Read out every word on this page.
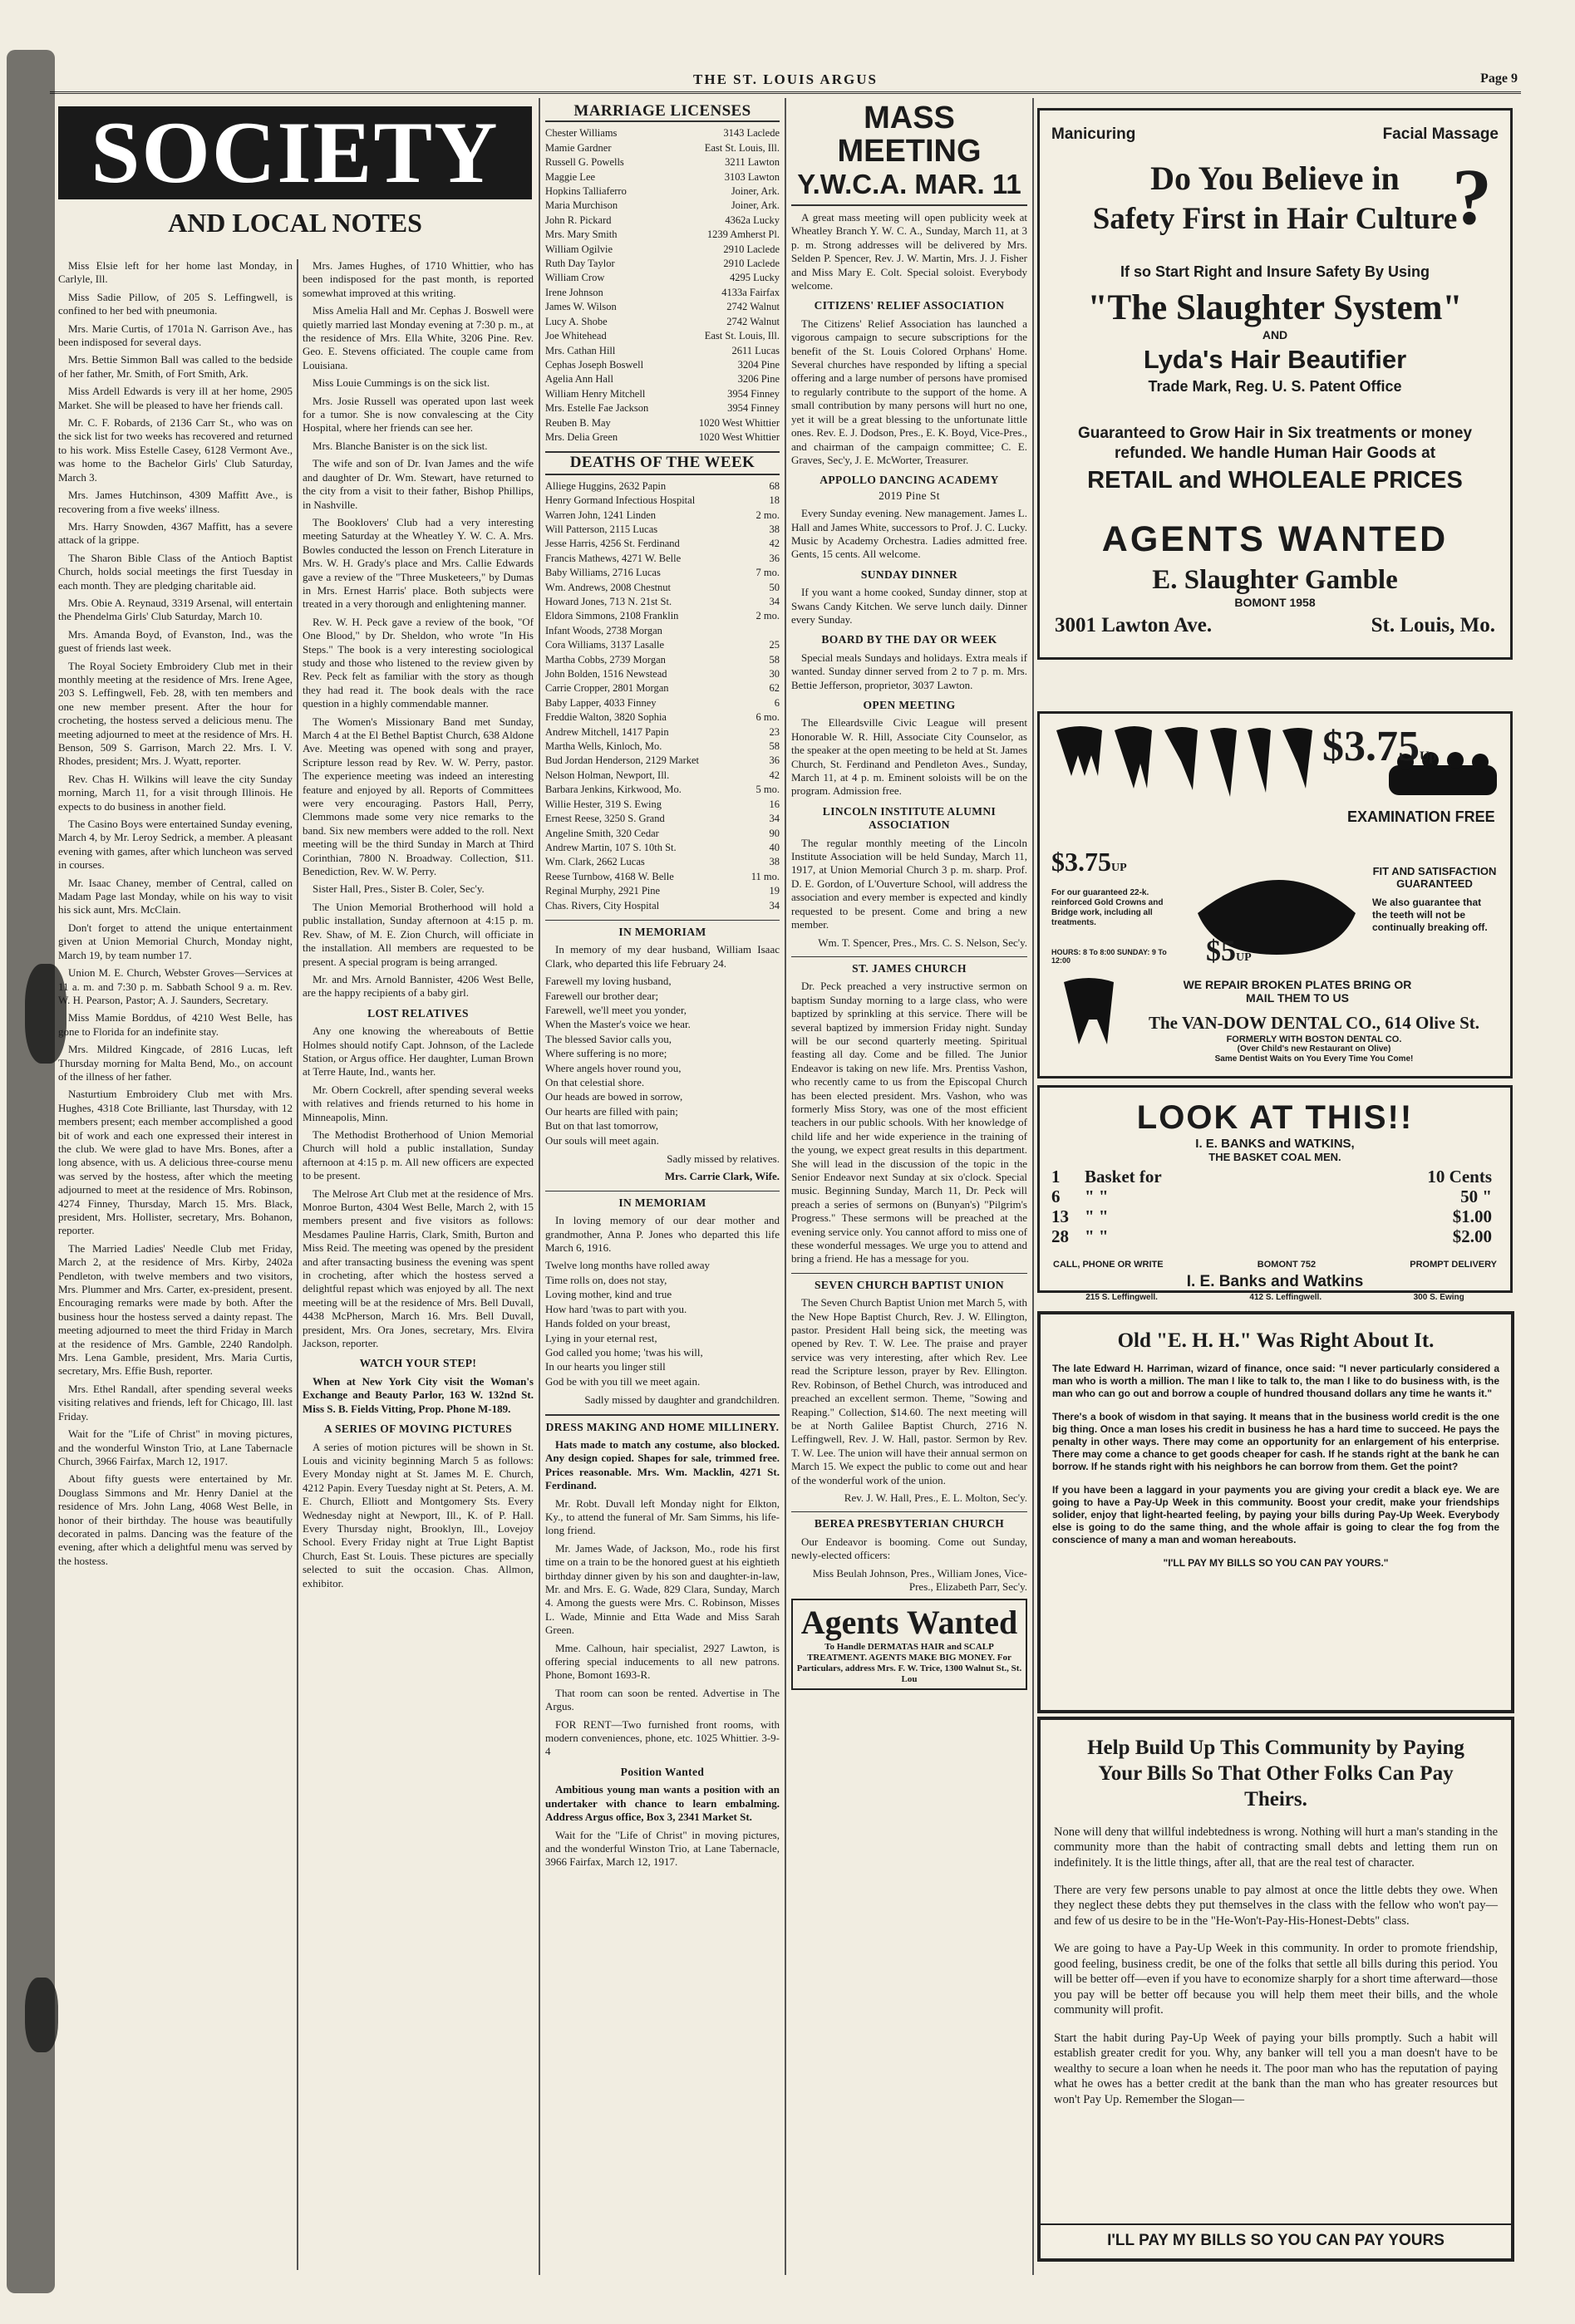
THE ST. LOUIS ARGUS	Page 9
SOCIETY
AND LOCAL NOTES

Miss Elsie left for her home last Monday, in Carlyle, Ill.

Miss Sadie Pillow, of 205 S. Leffingwell, is confined to her bed with pneumonia.

Mrs. Marie Curtis, of 1701a N. Garrison Ave., has been indisposed for several days.

Mrs. Bettie Simmon Ball was called to the bedside of her father, Mr. Smith, of Fort Smith, Ark.

Miss Ardell Edwards is very ill at her home, 2905 Market. She will be pleased to have her friends call.

Mr. C. F. Robards, of 2136 Carr St., who was on the sick list for two weeks has recovered and returned to his work. Miss Estelle Casey, 6128 Vermont Ave., was home to the Bachelor Girls' Club Saturday, March 3.

Mrs. James Hutchinson, 4309 Maffitt Ave., is recovering from a five weeks' illness.

Mrs. Harry Snowden, 4367 Maffitt, has a severe attack of la grippe.

The Sharon Bible Class of the Antioch Baptist Church, holds social meetings the first Tuesday in each month. They are pledging charitable aid.

Mrs. Obie A. Reynaud, 3319 Arsenal, will entertain the Phendelma Girls' Club Saturday, March 10.

Mrs. Amanda Boyd, of Evanston, Ind., was the guest of friends last week.

The Royal Society Embroidery Club met in their monthly meeting at the residence of Mrs. Irene Agee, 203 S. Leffingwell, Feb. 28, with ten members and one new member present. After the hour for crocheting, the hostess served a delicious menu. The meeting adjourned to meet at the residence of Mrs. H. Benson, 509 S. Garrison, March 22. Mrs. I. V. Rhodes, president; Mrs. J. Wyatt, reporter.

Rev. Chas H. Wilkins will leave the city Sunday morning, March 11, for a visit through Illinois. He expects to do business in another field.

The Casino Boys were entertained Sunday evening, March 4, by Mr. Leroy Sedrick, a member. A pleasant evening with games, after which luncheon was served in courses.

Mr. Isaac Chaney, member of Central, called on Madam Page last Monday, while on his way to visit his sick aunt, Mrs. McClain.

Don't forget to attend the unique entertainment given at Union Memorial Church, Monday night, March 19, by team number 17.

Union M. E. Church, Webster Groves—Services at 11 a. m. and 7:30 p. m. Sabbath School 9 a. m. Rev. W. H. Pearson, Pastor; A. J. Saunders, Secretary.

Miss Mamie Borddus, of 4210 West Belle, has gone to Florida for an indefinite stay.

Mrs. Mildred Kingcade, of 2816 Lucas, left Thursday morning for Malta Bend, Mo., on account of the illness of her father.

Nasturtium Embroidery Club met with Mrs. Hughes, 4318 Cote Brilliante, last Thursday, with 12 members present; each member accomplished a good bit of work and each one expressed their interest in the club. We were glad to have Mrs. Bones, after a long absence, with us. A delicious three-course menu was served by the hostess, after which the meeting adjourned to meet at the residence of Mrs. Robinson, 4274 Finney, Thursday, March 15. Mrs. Black, president, Mrs. Hollister, secretary, Mrs. Bohanon, reporter.

The Married Ladies' Needle Club met Friday, March 2, at the residence of Mrs. Kirby, 2402a Pendleton, with twelve members and two visitors, Mrs. Plummer and Mrs. Carter, ex-president, present. Encouraging remarks were made by both. After the business hour the hostess served a dainty repast. The meeting adjourned to meet the third Friday in March at the residence of Mrs. Gamble, 2240 Randolph. Mrs. Lena Gamble, president, Mrs. Maria Curtis, secretary, Mrs. Effie Bush, reporter.

Mrs. Ethel Randall, after spending several weeks visiting relatives and friends, left for Chicago, Ill. last Friday.

Wait for the "Life of Christ" in moving pictures, and the wonderful Winston Trio, at Lane Tabernacle Church, 3966 Fairfax, March 12, 1917.

About fifty guests were entertained by Mr. Douglass Simmons and Mr. Henry Daniel at the residence of Mrs. John Lang, 4068 West Belle, in honor of their birthday. The house was beautifully decorated in palms. Dancing was the feature of the evening, after which a delightful menu was served by the hostess.

Mrs. James Hughes, of 1710 Whittier, who has been indisposed for the past month, is reported somewhat improved at this writing.

Miss Amelia Hall and Mr. Cephas J. Boswell were quietly married last Monday evening at 7:30 p. m., at the residence of Mrs. Ella White, 3206 Pine. Rev. Geo. E. Stevens officiated. The couple came from Louisiana.

Miss Louie Cummings is on the sick list.

Mrs. Josie Russell was operated upon last week for a tumor. She is now convalescing at the City Hospital, where her friends can see her.

Mrs. Blanche Banister is on the sick list.

The wife and son of Dr. Ivan James and the wife and daughter of Dr. Wm. Stewart, have returned to the city from a visit to their father, Bishop Phillips, in Nashville.

The Booklovers' Club had a very interesting meeting Saturday at the Wheatley Y. W. C. A. Mrs. Bowles conducted the lesson on French Literature in Mrs. W. H. Grady's place and Mrs. Callie Edwards gave a review of the "Three Musketeers," by Dumas in Mrs. Ernest Harris' place. Both subjects were treated in a very thorough and enlightening manner.

Rev. W. H. Peck gave a review of the book, "Of One Blood," by Dr. Sheldon, who wrote "In His Steps." The book is a very interesting sociological study and those who listened to the review given by Rev. Peck felt as familiar with the story as though they had read it. The book deals with the race question in a highly commendable manner.

The Women's Missionary Band met Sunday, March 4 at the El Bethel Baptist Church, 638 Aldone Ave. Meeting was opened with song and prayer, Scripture lesson read by Rev. W. W. Perry, pastor. The experience meeting was indeed an interesting feature and enjoyed by all. Reports of Committees were very encouraging. Pastors Hall, Perry, Clemmons made some very nice remarks to the band. Six new members were added to the roll. Next meeting will be the third Sunday in March at Third Corinthian, 7800 N. Broadway. Collection, $11. Benediction, Rev. W. W. Perry.

Sister Hall, Pres., Sister B. Coler, Sec'y.

The Union Memorial Brotherhood will hold a public installation, Sunday afternoon at 4:15 p. m. Rev. Shaw, of M. E. Zion Church, will officiate in the installation. All members are requested to be present. A special program is being arranged.

Mr. and Mrs. Arnold Bannister, 4206 West Belle, are the happy recipients of a baby girl.

LOST RELATIVES

Any one knowing the whereabouts of Bettie Holmes should notify Capt. Johnson, of the Laclede Station, or Argus office. Her daughter, Luman Brown at Terre Haute, Ind., wants her.

Mr. Obern Cockrell, after spending several weeks with relatives and friends returned to his home in Minneapolis, Minn.

The Methodist Brotherhood of Union Memorial Church will hold a public installation, Sunday afternoon at 4:15 p. m. All new officers are expected to be present.

The Melrose Art Club met at the residence of Mrs. Monroe Burton, 4304 West Belle, March 2, with 15 members present and five visitors as follows: Mesdames Pauline Harris, Clark, Smith, Burton and Miss Reid. The meeting was opened by the president and after transacting business the evening was spent in crocheting, after which the hostess served a delightful repast which was enjoyed by all. The next meeting will be at the residence of Mrs. Bell Duvall, 4438 McPherson, March 16. Mrs. Bell Duvall, president, Mrs. Ora Jones, secretary, Mrs. Elvira Jackson, reporter.

WATCH YOUR STEP!

When at New York City visit the Woman's Exchange and Beauty Parlor, 163 W. 132nd St. Miss S. B. Fields Vitting, Prop. Phone M-189.

A SERIES OF MOVING PICTURES

A series of motion pictures will be shown in St. Louis and vicinity beginning March 5 as follows: Every Monday night at St. James M. E. Church, 4212 Papin. Every Tuesday night at St. Peters, A. M. E. Church, Elliott and Montgomery Sts. Every Wednesday night at Newport, Ill., K. of P. Hall. Every Thursday night, Brooklyn, Ill., Lovejoy School. Every Friday night at True Light Baptist Church, East St. Louis. These pictures are specially selected to suit the occasion. Chas. Allmon, exhibitor.

MARRIAGE LICENSES
Chester Williams	3143 Laclede
Mamie Gardner	East St. Louis, Ill.
Russell G. Powells	3211 Lawton
Maggie Lee	3103 Lawton
Hopkins Talliaferro	Joiner, Ark.
Maria Murchison	Joiner, Ark.
John R. Pickard	4362a Lucky
Mrs. Mary Smith	1239 Amherst Pl.
William Ogilvie	2910 Laclede
Ruth Day Taylor	2910 Laclede
William Crow	4295 Lucky
Irene Johnson	4133a Fairfax
James W. Wilson	2742 Walnut
Lucy A. Shobe	2742 Walnut
Joe Whitehead	East St. Louis, Ill.
Mrs. Cathan Hill	2611 Lucas
Cephas Joseph Boswell	3204 Pine
Agelia Ann Hall	3206 Pine
William Henry Mitchell	3954 Finney
Mrs. Estelle Fae Jackson	3954 Finney
Reuben B. May	1020 West Whittier
Mrs. Delia Green	1020 West Whittier
DEATHS OF THE WEEK
Alliege Huggins, 2632 Papin	68
Henry Gormand Infectious Hospital	18
Warren John, 1241 Linden	2 mo.
Will Patterson, 2115 Lucas	38
Jesse Harris, 4256 St. Ferdinand	42
Francis Mathews, 4271 W. Belle	36
Baby Williams, 2716 Lucas	7 mo.
Wm. Andrews, 2008 Chestnut	50
Howard Jones, 713 N. 21st St.	34
Eldora Simmons, 2108 Franklin	2 mo.
Infant Woods, 2738 Morgan
Cora Williams, 3137 Lasalle	25
Martha Cobbs, 2739 Morgan	58
John Bolden, 1516 Newstead	30
Carrie Cropper, 2801 Morgan	62
Baby Lapper, 4033 Finney	6
Freddie Walton, 3820 Sophia	6 mo.
Andrew Mitchell, 1417 Papin	23
Martha Wells, Kinloch, Mo.	58
Bud Jordan Henderson, 2129 Market	36
Nelson Holman, Newport, Ill.	42
Barbara Jenkins, Kirkwood, Mo.	5 mo.
Willie Hester, 319 S. Ewing	16
Ernest Reese, 3250 S. Grand	34
Angeline Smith, 320 Cedar	90
Andrew Martin, 107 S. 10th St.	40
Wm. Clark, 2662 Lucas	38
Reese Turnbow, 4168 W. Belle	11 mo.
Reginal Murphy, 2921 Pine	19
Chas. Rivers, City Hospital	34
IN MEMORIAM

In memory of my dear husband, William Isaac Clark, who departed this life February 24.

Farewell my loving husband,

Farewell our brother dear;

Farewell, we'll meet you yonder,

When the Master's voice we hear.

The blessed Savior calls you,

Where suffering is no more;

Where angels hover round you,

On that celestial shore.

Our heads are bowed in sorrow,

Our hearts are filled with pain;

But on that last tomorrow,

Our souls will meet again.

Sadly missed by relatives.

Mrs. Carrie Clark, Wife.

IN MEMORIAM

In loving memory of our dear mother and grandmother, Anna P. Jones who departed this life March 6, 1916.

Twelve long months have rolled away

Time rolls on, does not stay,

Loving mother, kind and true

How hard 'twas to part with you.

Hands folded on your breast,

Lying in your eternal rest,

God called you home; 'twas his will,

In our hearts you linger still

God be with you till we meet again.

Sadly missed by daughter and grandchildren.

DRESS MAKING AND HOME MILLINERY.

Hats made to match any costume, also blocked. Any design copied. Shapes for sale, trimmed free. Prices reasonable. Mrs. Wm. Macklin, 4271 St. Ferdinand.

Mr. Robt. Duvall left Monday night for Elkton, Ky., to attend the funeral of Mr. Sam Simms, his life-long friend.

Mr. James Wade, of Jackson, Mo., rode his first time on a train to be the honored guest at his eightieth birthday dinner given by his son and daughter-in-law, Mr. and Mrs. E. G. Wade, 829 Clara, Sunday, March 4. Among the guests were Mrs. C. Robinson, Misses L. Wade, Minnie and Etta Wade and Miss Sarah Green.

Mme. Calhoun, hair specialist, 2927 Lawton, is offering special inducements to all new patrons. Phone, Bomont 1693-R.

That room can soon be rented. Advertise in The Argus.

FOR RENT—Two furnished front rooms, with modern conveniences, phone, etc. 1025 Whittier. 3-9-4

Position Wanted

Ambitious young man wants a position with an undertaker with chance to learn embalming. Address Argus office, Box 3, 2341 Market St.

Wait for the "Life of Christ" in moving pictures, and the wonderful Winston Trio, at Lane Tabernacle, 3966 Fairfax, March 12, 1917.

MASS MEETING
Y.W.C.A. MAR. 11

A great mass meeting will open publicity week at Wheatley Branch Y. W. C. A., Sunday, March 11, at 3 p. m. Strong addresses will be delivered by Mrs. Selden P. Spencer, Rev. J. W. Martin, Mrs. J. J. Fisher and Miss Mary E. Colt. Special soloist. Everybody welcome.

CITIZENS' RELIEF ASSOCIATION

The Citizens' Relief Association has launched a vigorous campaign to secure subscriptions for the benefit of the St. Louis Colored Orphans' Home. Several churches have responded by lifting a special offering and a large number of persons have promised to regularly contribute to the support of the home. A small contribution by many persons will hurt no one, yet it will be a great blessing to the unfortunate little ones. Rev. E. J. Dodson, Pres., E. K. Boyd, Vice-Pres., and chairman of the campaign committee; C. E. Graves, Sec'y, J. E. McWorter, Treasurer.

APPOLLO DANCING ACADEMY
2019 Pine St

Every Sunday evening. New management. James L. Hall and James White, successors to Prof. J. C. Lucky. Music by Academy Orchestra. Ladies admitted free. Gents, 15 cents. All welcome.

SUNDAY DINNER

If you want a home cooked, Sunday dinner, stop at Swans Candy Kitchen. We serve lunch daily. Dinner every Sunday.

BOARD BY THE DAY OR WEEK

Special meals Sundays and holidays. Extra meals if wanted. Sunday dinner served from 2 to 7 p. m. Mrs. Bettie Jefferson, proprietor, 3037 Lawton.

OPEN MEETING

The Elleardsville Civic League will present Honorable W. R. Hill, Associate City Counselor, as the speaker at the open meeting to be held at St. James Church, St. Ferdinand and Pendleton Aves., Sunday, March 11, at 4 p. m. Eminent soloists will be on the program. Admission free.

LINCOLN INSTITUTE ALUMNI ASSOCIATION

The regular monthly meeting of the Lincoln Institute Association will be held Sunday, March 11, 1917, at Union Memorial Church 3 p. m. sharp. Prof. D. E. Gordon, of L'Ouverture School, will address the association and every member is expected and kindly requested to be present. Come and bring a new member.

Wm. T. Spencer, Pres., Mrs. C. S. Nelson, Sec'y.

ST. JAMES CHURCH

Dr. Peck preached a very instructive sermon on baptism Sunday morning to a large class, who were baptized by sprinkling at this service. There will be several baptized by immersion Friday night. Sunday will be our second quarterly meeting. Spiritual feasting all day. Come and be filled. The Junior Endeavor is taking on new life. Mrs. Prentiss Vashon, who recently came to us from the Episcopal Church has been elected president. Mrs. Vashon, who was formerly Miss Story, was one of the most efficient teachers in our public schools. With her knowledge of child life and her wide experience in the training of the young, we expect great results in this department. She will lead in the discussion of the topic in the Senior Endeavor next Sunday at six o'clock. Special music. Beginning Sunday, March 11, Dr. Peck will preach a series of sermons on (Bunyan's) "Pilgrim's Progress." These sermons will be preached at the evening service only. You cannot afford to miss one of these wonderful messages. We urge you to attend and bring a friend. He has a message for you.

SEVEN CHURCH BAPTIST UNION

The Seven Church Baptist Union met March 5, with the New Hope Baptist Church, Rev. J. W. Ellington, pastor. President Hall being sick, the meeting was opened by Rev. T. W. Lee. The praise and prayer service was very interesting, after which Rev. Lee read the Scripture lesson, prayer by Rev. Ellington. Rev. Robinson, of Bethel Church, was introduced and preached an excellent sermon. Theme, "Sowing and Reaping." Collection, $14.60. The next meeting will be at North Galilee Baptist Church, 2716 N. Leffingwell, Rev. J. W. Hall, pastor. Sermon by Rev. T. W. Lee. The union will have their annual sermon on March 15. We expect the public to come out and hear of the wonderful work of the union.

Rev. J. W. Hall, Pres., E. L. Molton, Sec'y.

BEREA PRESBYTERIAN CHURCH

Our Endeavor is booming. Come out Sunday, newly-elected officers:

Miss Beulah Johnson, Pres., William Jones, Vice-Pres., Elizabeth Parr, Sec'y.

Agents Wanted
To Handle DERMATAS HAIR and SCALP TREATMENT. AGENTS MAKE BIG MONEY. For Particulars, address Mrs. F. W. Trice, 1300 Walnut St., St. Lou
Manicuring	Facial Massage
Do You Believe in
Safety First in Hair Culture
?
If so Start Right and Insure Safety By Using
"The Slaughter System"
AND
Lyda's Hair Beautifier
Trade Mark, Reg. U. S. Patent Office
Guaranteed to Grow Hair in Six treatments or money refunded. We handle Human Hair Goods at
RETAIL and WHOLEALE PRICES
AGENTS WANTED
E. Slaughter Gamble
BOMONT 1958
3001 Lawton Ave.	St. Louis, Mo.
$3.75Up
EXAMINATION FREE
$3.75UP
For our guaranteed 22-k. reinforced Gold Crowns and Bridge work, including all treatments.
$5UP
FIT AND SATISFACTION GUARANTEED
We also guarantee that the teeth will not be continually breaking off.
HOURS: 8 To 8:00 SUNDAY: 9 To 12:00
WE REPAIR BROKEN PLATES BRING OR MAIL THEM TO US
The VAN-DOW DENTAL CO., 614 Olive St.
FORMERLY WITH BOSTON DENTAL CO.
(Over Child's new Restaurant on Olive)
Same Dentist Waits on You Every Time You Come!
LOOK AT THIS!!
I. E. BANKS and WATKINS,
THE BASKET COAL MEN.
1	Basket for	10 Cents
6	" "	50 "
13 " "	$1.00
28 " "	$2.00
CALL, PHONE OR WRITE	BOMONT 752	PROMPT DELIVERY
I. E. Banks and Watkins
215 S. Leffingwell.	412 S. Leffingwell.	300 S. Ewing
Old "E. H. H." Was Right About It.

The late Edward H. Harriman, wizard of finance, once said: "I never particularly considered a man who is worth a million. The man I like to talk to, the man I like to do business with, is the man who can go out and borrow a couple of hundred thousand dollars any time he wants it."

There's a book of wisdom in that saying. It means that in the business world credit is the one big thing. Once a man loses his credit in business he has a hard time to succeed. He pays the penalty in other ways. There may come an opportunity for an enlargement of his enterprise. There may come a chance to get goods cheaper for cash. If he stands right at the bank he can borrow. If he stands right with his neighbors he can borrow from them. Get the point?

If you have been a laggard in your payments you are giving your credit a black eye. We are going to have a Pay-Up Week in this community. Boost your credit, make your friendships solider, enjoy that light-hearted feeling, by paying your bills during Pay-Up Week. Everybody else is going to do the same thing, and the whole affair is going to clear the fog from the conscience of many a man and woman hereabouts.

"I'LL PAY MY BILLS SO YOU CAN PAY YOURS."
Help Build Up This Community by Paying Your Bills So That Other Folks Can Pay Theirs.

None will deny that willful indebtedness is wrong. Nothing will hurt a man's standing in the community more than the habit of contracting small debts and letting them run on indefinitely. It is the little things, after all, that are the real test of character.

There are very few persons unable to pay almost at once the little debts they owe. When they neglect these debts they put themselves in the class with the fellow who won't pay—and few of us desire to be in the "He-Won't-Pay-His-Honest-Debts" class.

We are going to have a Pay-Up Week in this community. In order to promote friendship, good feeling, business credit, be one of the folks that settle all bills during this period. You will be better off—even if you have to economize sharply for a short time afterward—those you pay will be better off because you will help them meet their bills, and the whole community will profit.

Start the habit during Pay-Up Week of paying your bills promptly. Such a habit will establish greater credit for you. Why, any banker will tell you a man doesn't have to be wealthy to secure a loan when he needs it. The poor man who has the reputation of paying what he owes has a better credit at the bank than the man who has greater resources but won't Pay Up. Remember the Slogan—

I'LL PAY MY BILLS SO YOU CAN PAY YOURS
